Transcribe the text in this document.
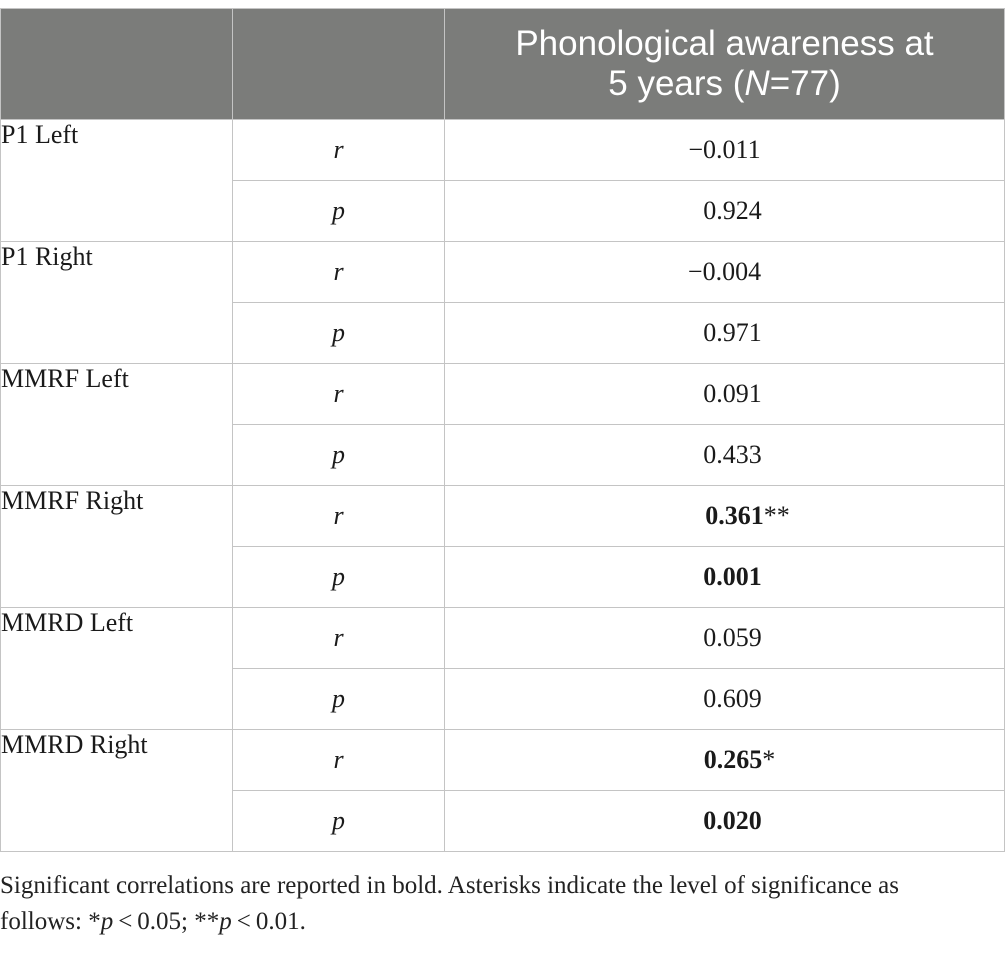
		Phonological awareness at
5 years (N=77)
P1 Left	r	−0.011
	p	0.924
P1 Right	r	−0.004
	p	0.971
MMRF Left	r	0.091
	p	0.433
MMRF Right	r	0.361**
	p	0.001
MMRD Left	r	0.059
	p	0.609
MMRD Right	r	0.265*
	p	0.020
Significant correlations are reported in bold. Asterisks indicate the level of significance as
follows: *p < 0.05; **p < 0.01.
